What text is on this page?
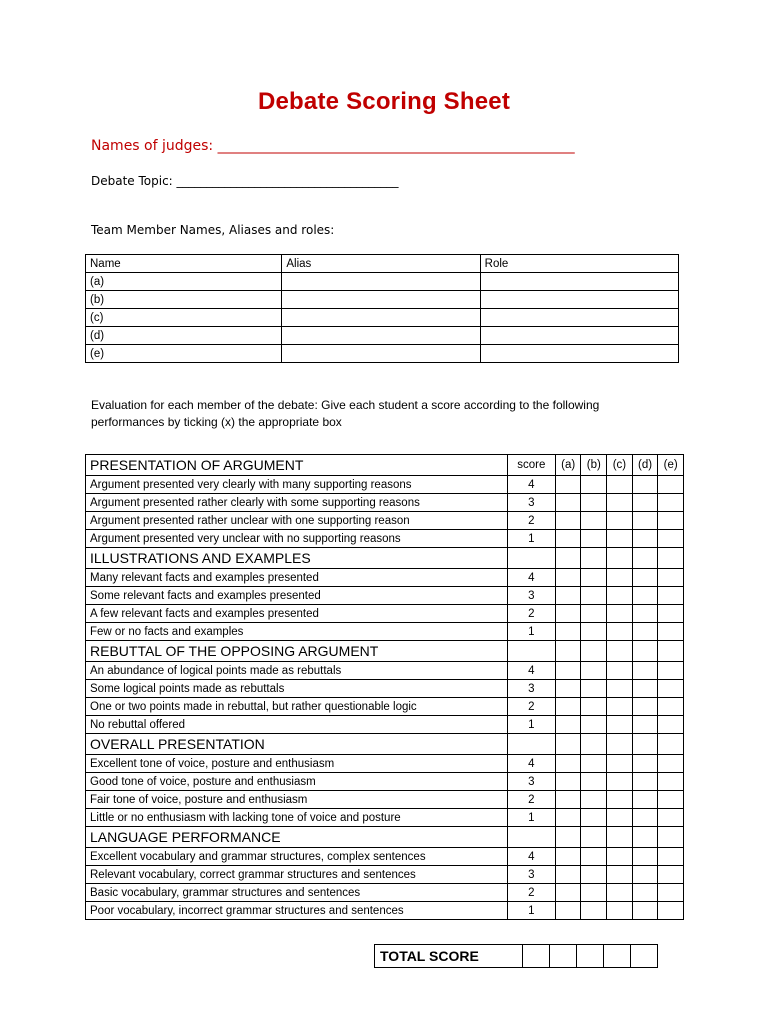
Debate Scoring Sheet
Names of judges: ___________________________________________________
Debate Topic: _____________________________________
Team Member Names, Aliases and roles:
Name	Alias	Role
(a)		
(b)		
(c)		
(d)		
(e)		
Evaluation for each member of the debate: Give each student a score according to the following performances by ticking (x) the appropriate box
PRESENTATION OF ARGUMENT	score	(a)	(b)	(c)	(d)	(e)
Argument presented very clearly with many supporting reasons	4					
Argument presented rather clearly with some supporting reasons	3					
Argument presented rather unclear with one supporting reason	2					
Argument presented very unclear with no supporting reasons	1					
ILLUSTRATIONS AND EXAMPLES						
Many relevant facts and examples presented	4					
Some relevant facts and examples presented	3					
A few relevant facts and examples presented	2					
Few or no facts and examples	1					
REBUTTAL OF THE OPPOSING ARGUMENT						
An abundance of logical points made as rebuttals	4					
Some logical points made as rebuttals	3					
One or two points made in rebuttal, but rather questionable logic	2					
No rebuttal offered	1					
OVERALL PRESENTATION						
Excellent tone of voice, posture and enthusiasm	4					
Good tone of voice, posture and enthusiasm	3					
Fair tone of voice, posture and enthusiasm	2					
Little or no enthusiasm with lacking tone of voice and posture	1					
LANGUAGE PERFORMANCE						
Excellent vocabulary and grammar structures, complex sentences	4					
Relevant vocabulary, correct grammar structures and sentences	3					
Basic vocabulary, grammar structures and sentences	2					
Poor vocabulary, incorrect grammar structures and sentences	1					
TOTAL SCORE					
